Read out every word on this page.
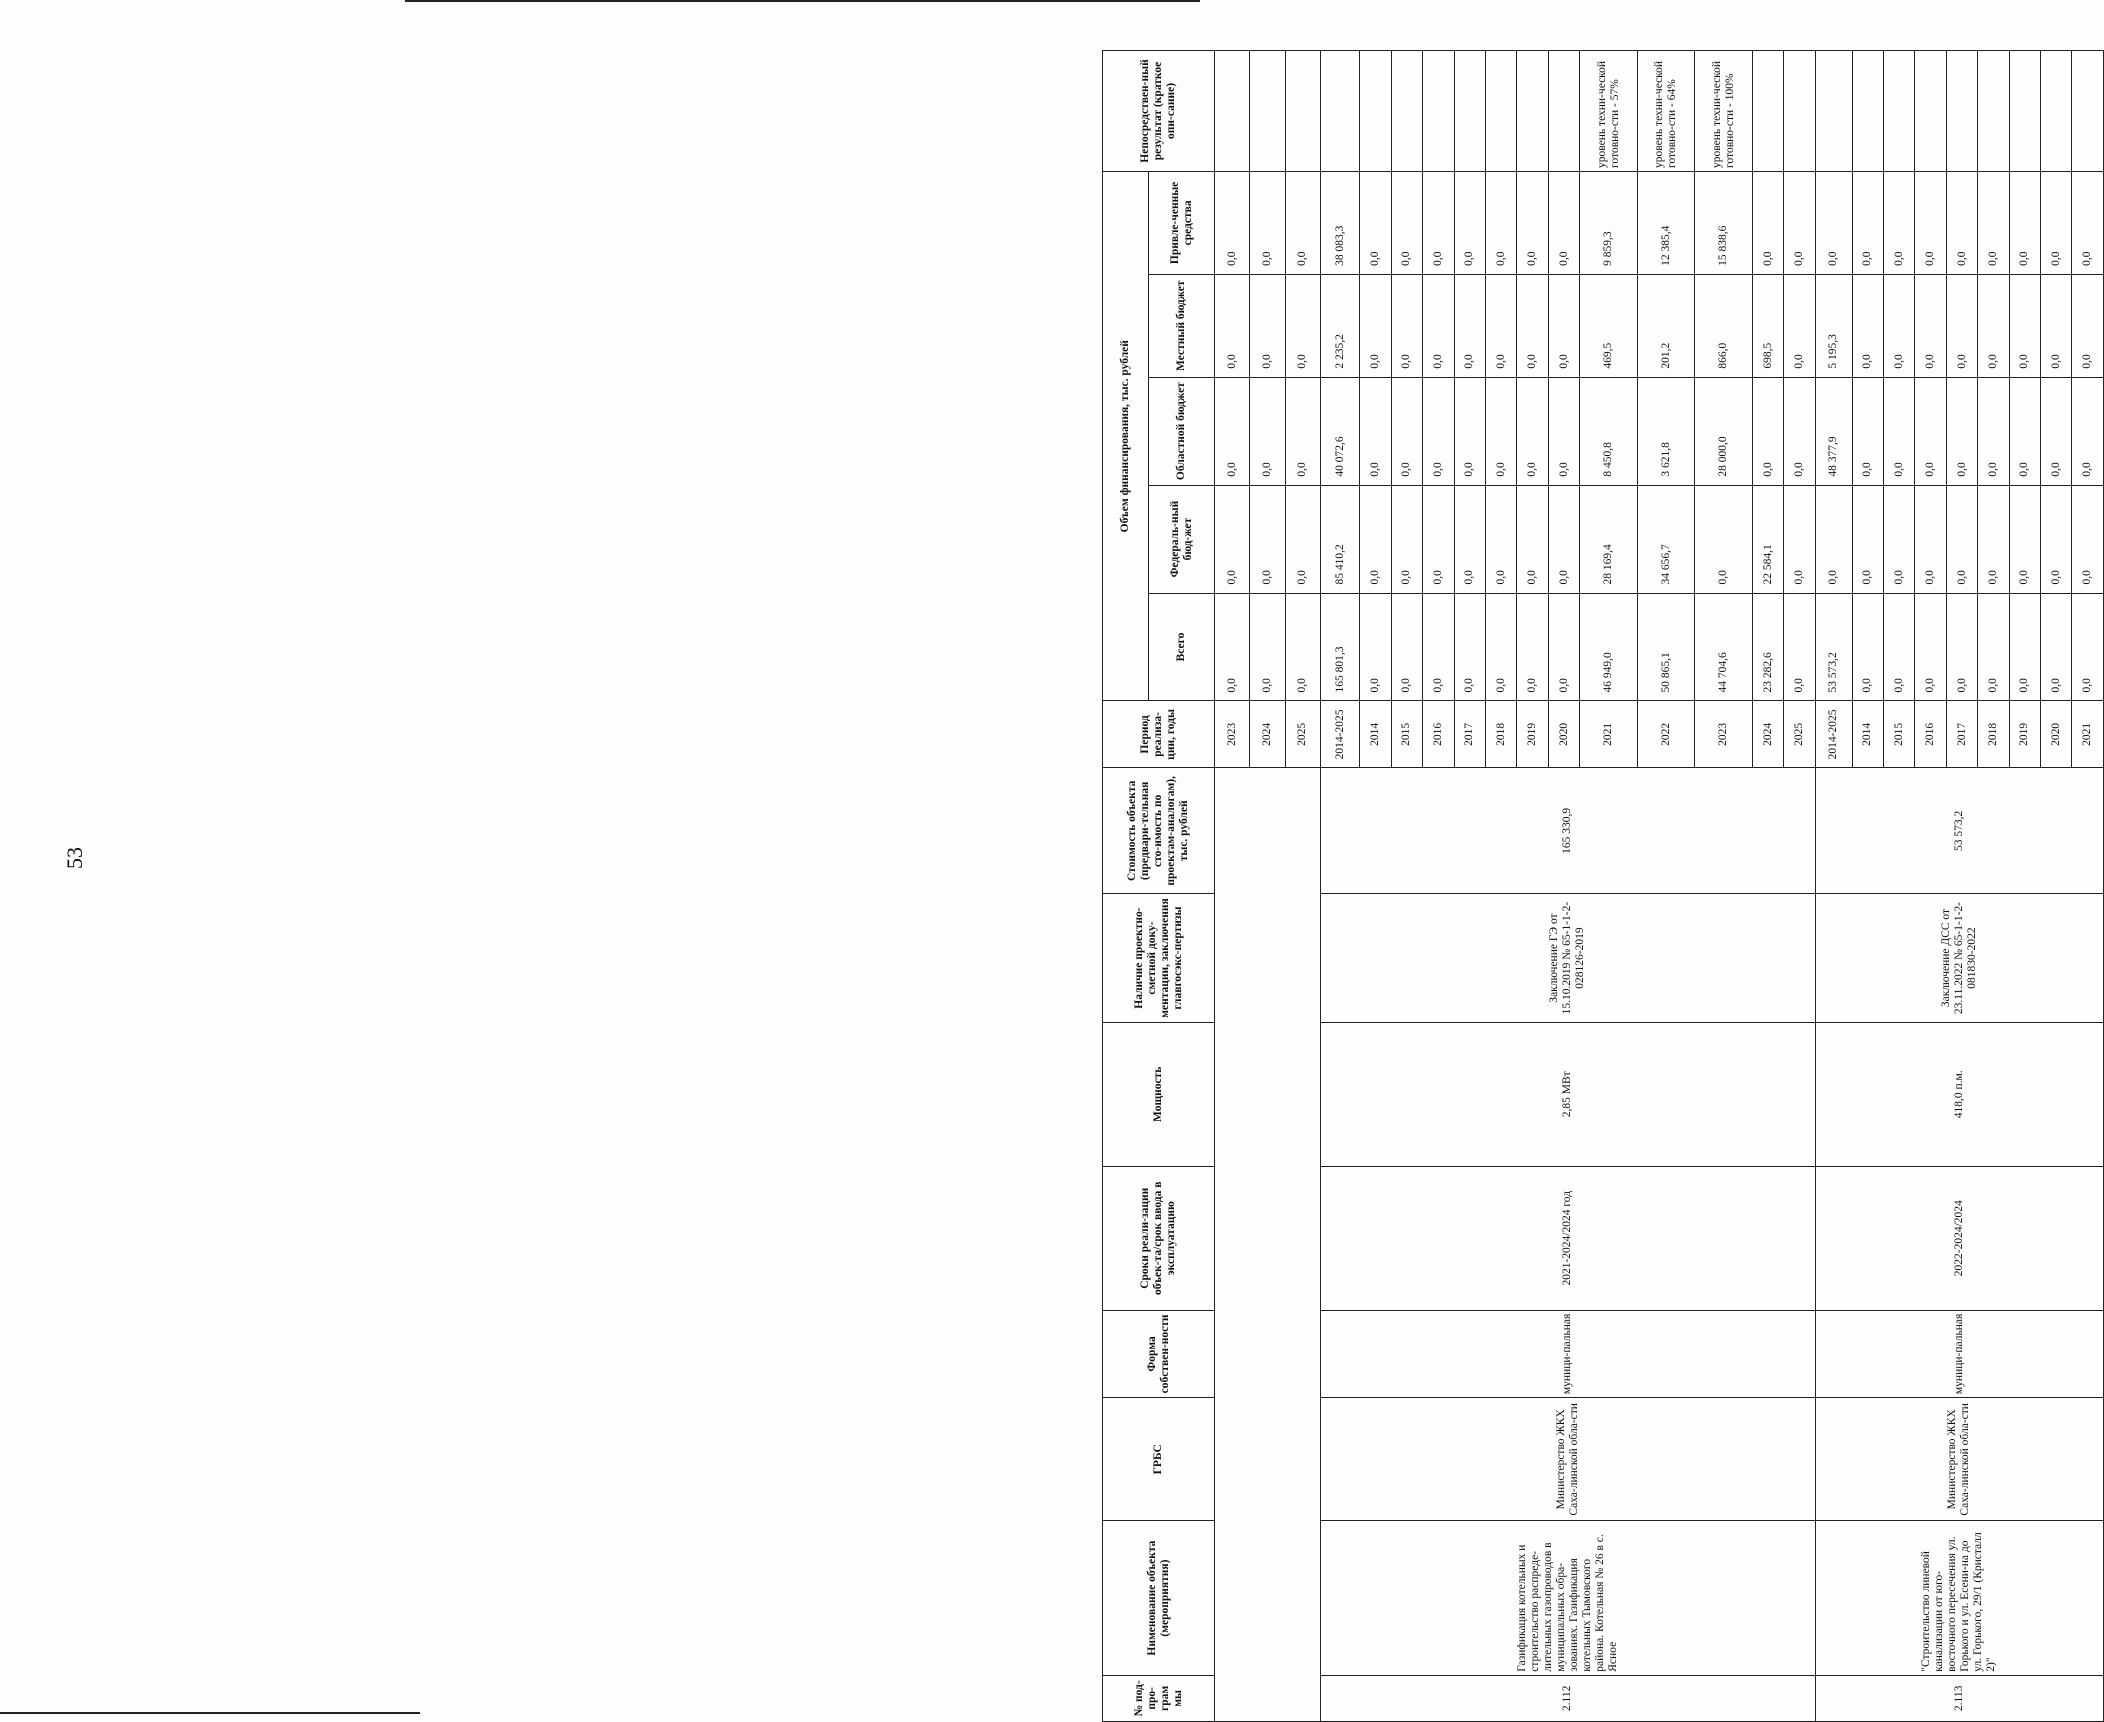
53
№ под-про-грам мы	Нименование объекта (мероприятия)	ГРБС	Форма собствен-ности	Сроки реали-зации объек-та/срок ввода в эксплуатацию	Мощность	Наличие проектно-сметной доку-ментации, заключения главгосэкс-пертизы	Стоимость объекта (предвари-тельная сто-имость по проектам-аналогам), тыс. рублей	Период реализа-ции, годы	Объем финансирования, тыс. рублей					Непосредствен-ный результат (краткое опи-сание)
									Всего	Федераль-ный бюд-жет	Областной бюджет	Местный бюджет	Привле-ченные средства	
								2023	0,0	0,0	0,0	0,0	0,0	
								2024	0,0	0,0	0,0	0,0	0,0	
								2025	0,0	0,0	0,0	0,0	0,0	
2.112	Газификация котельных и строительство распреде-лительных газопроводов в муниципальных обра-зованиях. Газификация котельных Тымовского района. Котельная № 26 в с. Ясное	Министерство ЖКХ Саха-линской обла-сти	муници-пальная	2021-2024/2024 год	2,85 МВт	Заключение ГЭ от 15.10.2019 № 65-1-1-2-028126-2019	165 330,9	2014-2025	165 801,3	85 410,2	40 072,6	2 235,2	38 083,3	
								2014	0,0	0,0	0,0	0,0	0,0	
								2015	0,0	0,0	0,0	0,0	0,0	
								2016	0,0	0,0	0,0	0,0	0,0	
								2017	0,0	0,0	0,0	0,0	0,0	
								2018	0,0	0,0	0,0	0,0	0,0	
								2019	0,0	0,0	0,0	0,0	0,0	
								2020	0,0	0,0	0,0	0,0	0,0	
								2021	46 949,0	28 169,4	8 450,8	469,5	9 859,3	уровень техни-ческой готовно-сти - 57%
								2022	50 865,1	34 656,7	3 621,8	201,2	12 385,4	уровень техни-ческой готовно-сти - 64%
								2023	44 704,6	0,0	28 000,0	866,0	15 838,6	уровень техни-ческой готовно-сти - 100%
								2024	23 282,6	22 584,1	0,0	698,5	0,0	
								2025	0,0	0,0	0,0	0,0	0,0	
2.113	"Строительство линевой канализации от юго-восточного пересечения ул. Горького и ул. Есени-на до ул. Горького, 29/1 (Кристалл 2)"	Министерство ЖКХ Саха-линской обла-сти	муници-пальная	2022-2024/2024	418,0 п.м.	Заключение ДСС от 23.11.2022 № 65-1-1-2-081830-2022	53 573,2	2014-2025	53 573,2	0,0	48 377,9	5 195,3	0,0	
								2014	0,0	0,0	0,0	0,0	0,0	
								2015	0,0	0,0	0,0	0,0	0,0	
								2016	0,0	0,0	0,0	0,0	0,0	
								2017	0,0	0,0	0,0	0,0	0,0	
								2018	0,0	0,0	0,0	0,0	0,0	
								2019	0,0	0,0	0,0	0,0	0,0	
								2020	0,0	0,0	0,0	0,0	0,0	
								2021	0,0	0,0	0,0	0,0	0,0	
